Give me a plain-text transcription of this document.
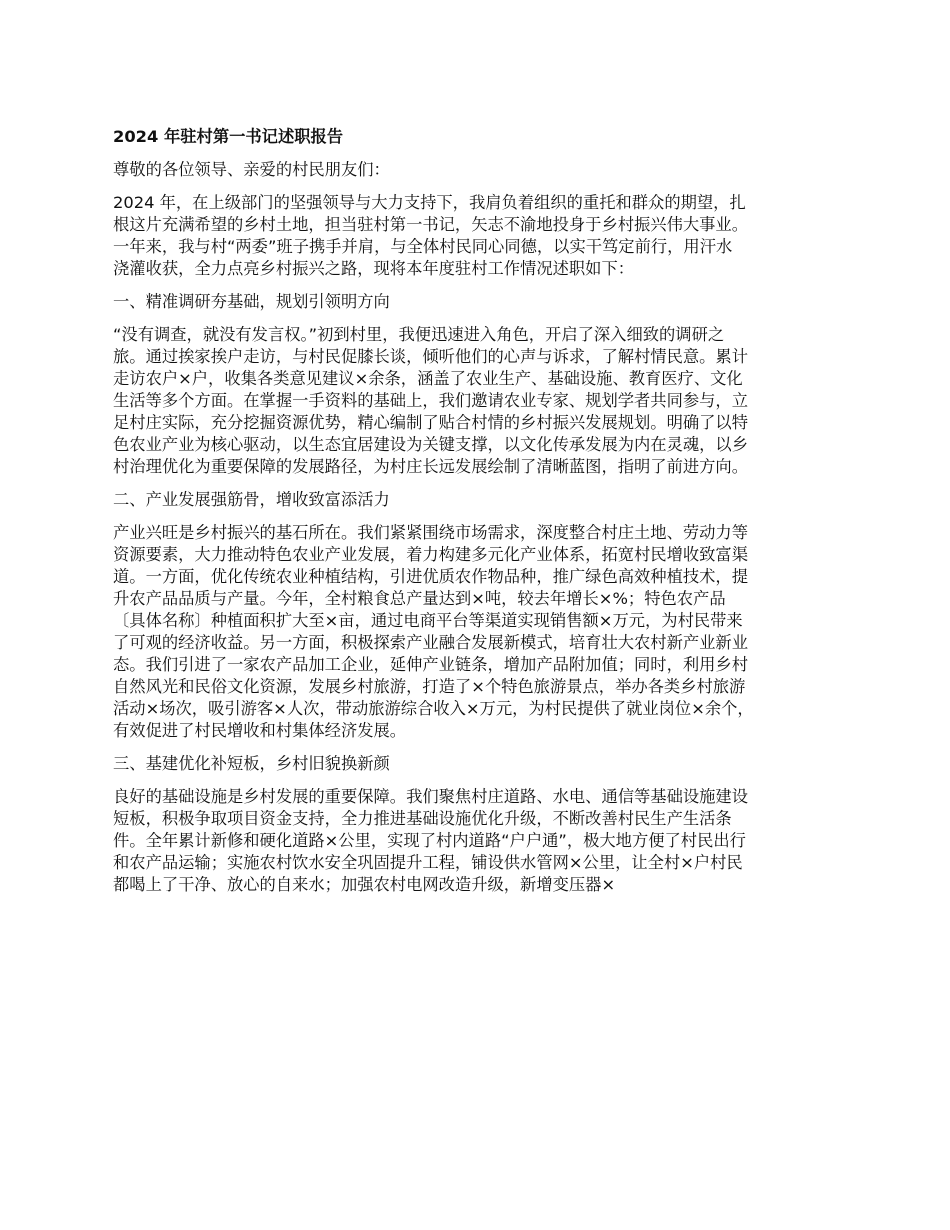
2024 年驻村第一书记述职报告
尊敬的各位领导、亲爱的村民朋友们：
2024 年，在上级部门的坚强领导与大力支持下，我肩负着组织的重托和群众的期望，扎
根这片充满希望的乡村土地，担当驻村第一书记，矢志不渝地投身于乡村振兴伟大事业。
一年来，我与村“两委”班子携手并肩，与全体村民同心同德，以实干笃定前行，用汗水
浇灌收获，全力点亮乡村振兴之路，现将本年度驻村工作情况述职如下：
一、精准调研夯基础，规划引领明方向
“没有调查，就没有发言权。”初到村里，我便迅速进入角色，开启了深入细致的调研之
旅。通过挨家挨户走访，与村民促膝长谈，倾听他们的心声与诉求，了解村情民意。累计
走访农户×户，收集各类意见建议×余条，涵盖了农业生产、基础设施、教育医疗、文化
生活等多个方面。在掌握一手资料的基础上，我们邀请农业专家、规划学者共同参与，立
足村庄实际，充分挖掘资源优势，精心编制了贴合村情的乡村振兴发展规划。明确了以特
色农业产业为核心驱动，以生态宜居建设为关键支撑，以文化传承发展为内在灵魂，以乡
村治理优化为重要保障的发展路径，为村庄长远发展绘制了清晰蓝图，指明了前进方向。
二、产业发展强筋骨，增收致富添活力
产业兴旺是乡村振兴的基石所在。我们紧紧围绕市场需求，深度整合村庄土地、劳动力等
资源要素，大力推动特色农业产业发展，着力构建多元化产业体系，拓宽村民增收致富渠
道。一方面，优化传统农业种植结构，引进优质农作物品种，推广绿色高效种植技术，提
升农产品品质与产量。今年，全村粮食总产量达到×吨，较去年增长×%；特色农产品
〔具体名称〕种植面积扩大至×亩，通过电商平台等渠道实现销售额×万元，为村民带来
了可观的经济收益。另一方面，积极探索产业融合发展新模式，培育壮大农村新产业新业
态。我们引进了一家农产品加工企业，延伸产业链条，增加产品附加值；同时，利用乡村
自然风光和民俗文化资源，发展乡村旅游，打造了×个特色旅游景点，举办各类乡村旅游
活动×场次，吸引游客×人次，带动旅游综合收入×万元，为村民提供了就业岗位×余个，
有效促进了村民增收和村集体经济发展。
三、基建优化补短板，乡村旧貌换新颜
良好的基础设施是乡村发展的重要保障。我们聚焦村庄道路、水电、通信等基础设施建设
短板，积极争取项目资金支持，全力推进基础设施优化升级，不断改善村民生产生活条
件。全年累计新修和硬化道路×公里，实现了村内道路“户户通”，极大地方便了村民出行
和农产品运输；实施农村饮水安全巩固提升工程，铺设供水管网×公里，让全村×户村民
都喝上了干净、放心的自来水；加强农村电网改造升级，新增变压器×
